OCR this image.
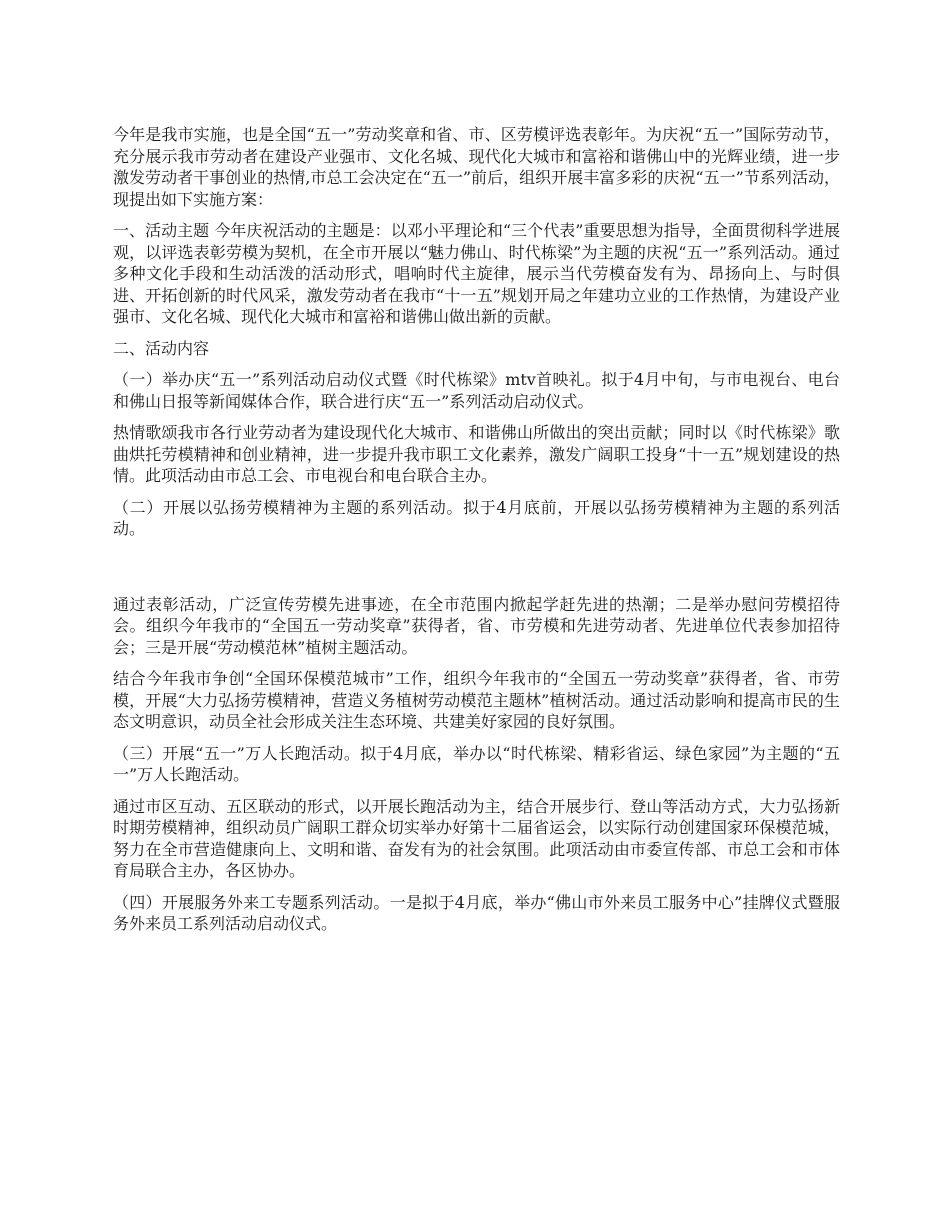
今年是我市实施，也是全国“五一”劳动奖章和省、市、区劳模评选表彰年。为庆祝“五一”国际劳动节，充分展示我市劳动者在建设产业强市、文化名城、现代化大城市和富裕和谐佛山中的光辉业绩，进一步激发劳动者干事创业的热情,市总工会决定在“五一”前后，组织开展丰富多彩的庆祝“五一”节系列活动，现提出如下实施方案：

一、活动主题 今年庆祝活动的主题是：以邓小平理论和“三个代表”重要思想为指导，全面贯彻科学进展观，以评选表彰劳模为契机，在全市开展以“魅力佛山、时代栋梁”为主题的庆祝“五一”系列活动。通过多种文化手段和生动活泼的活动形式，唱响时代主旋律，展示当代劳模奋发有为、昂扬向上、与时俱进、开拓创新的时代风采，激发劳动者在我市“十一五”规划开局之年建功立业的工作热情，为建设产业强市、文化名城、现代化大城市和富裕和谐佛山做出新的贡献。

二、活动内容

（一）举办庆“五一”系列活动启动仪式暨《时代栋梁》mtv首映礼。拟于4月中旬，与市电视台、电台和佛山日报等新闻媒体合作，联合进行庆“五一”系列活动启动仪式。

热情歌颂我市各行业劳动者为建设现代化大城市、和谐佛山所做出的突出贡献；同时以《时代栋梁》歌曲烘托劳模精神和创业精神，进一步提升我市职工文化素养，激发广阔职工投身“十一五”规划建设的热情。此项活动由市总工会、市电视台和电台联合主办。

（二）开展以弘扬劳模精神为主题的系列活动。拟于4月底前，开展以弘扬劳模精神为主题的系列活动。

通过表彰活动，广泛宣传劳模先进事迹，在全市范围内掀起学赶先进的热潮；二是举办慰问劳模招待会。组织今年我市的“全国五一劳动奖章”获得者，省、市劳模和先进劳动者、先进单位代表参加招待会；三是开展“劳动模范林”植树主题活动。

结合今年我市争创“全国环保模范城市”工作，组织今年我市的“全国五一劳动奖章”获得者，省、市劳模，开展“大力弘扬劳模精神，营造义务植树劳动模范主题林”植树活动。通过活动影响和提高市民的生态文明意识，动员全社会形成关注生态环境、共建美好家园的良好氛围。

（三）开展“五一”万人长跑活动。拟于4月底，举办以“时代栋梁、精彩省运、绿色家园”为主题的“五一”万人长跑活动。

通过市区互动、五区联动的形式，以开展长跑活动为主，结合开展步行、登山等活动方式，大力弘扬新时期劳模精神，组织动员广阔职工群众切实举办好第十二届省运会，以实际行动创建国家环保模范城，努力在全市营造健康向上、文明和谐、奋发有为的社会氛围。此项活动由市委宣传部、市总工会和市体育局联合主办，各区协办。

（四）开展服务外来工专题系列活动。一是拟于4月底，举办“佛山市外来员工服务中心”挂牌仪式暨服务外来员工系列活动启动仪式。
